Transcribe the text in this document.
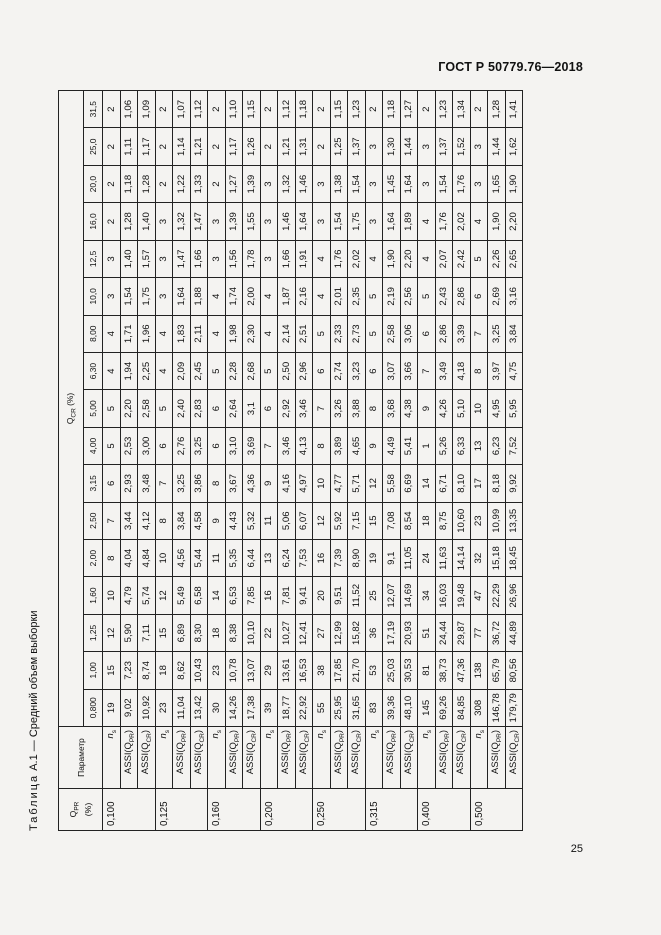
ГОСТ Р 50779.76—2018
Таблица А.1 — Средний объем выборки
$Q_{PR}$ (%)	Параметр	$Q_{CR}$ (%)																
		0,800	1,00	1,25	1,60	2,00	2,50	3,15	4,00	5,00	6,30	8,00	10,0	12,5	16,0	20,0	25,0	31,5
0,100	$n_s$	19	15	12	10	8	7	6	5	5	4	4	3	3	2	2	2	2
	$ASSI(Q_{PR})$	9,02	7,23	5,90	4,79	4,04	3,44	2,93	2,53	2,20	1,94	1,71	1,54	1,40	1,28	1,18	1,11	1,06
	$ASSI(Q_{CR})$	10,92	8,74	7,11	5,74	4,84	4,12	3,48	3,00	2,58	2,25	1,96	1,75	1,57	1,40	1,28	1,17	1,09
0,125	$n_s$	23	18	15	12	10	8	7	6	5	4	4	3	3	3	2	2	2
	$ASSI(Q_{PR})$	11,04	8,62	6,89	5,49	4,56	3,84	3,25	2,76	2,40	2,09	1,83	1,64	1,47	1,32	1,22	1,14	1,07
	$ASSI(Q_{CR})$	13,42	10,43	8,30	6,58	5,44	4,58	3,86	3,25	2,83	2,45	2,11	1,88	1,66	1,47	1,33	1,21	1,12
0,160	$n_s$	30	23	18	14	11	9	8	6	6	5	4	4	3	3	2	2	2
	$ASSI(Q_{PR})$	14,26	10,78	8,38	6,53	5,35	4,43	3,67	3,10	2,64	2,28	1,98	1,74	1,56	1,39	1,27	1,17	1,10
	$ASSI(Q_{CR})$	17,38	13,07	10,10	7,85	6,44	5,32	4,36	3,69	3,1	2,68	2,30	2,00	1,78	1,55	1,39	1,26	1,15
0,200	$n_s$	39	29	22	16	13	11	9	7	6	5	4	4	3	3	3	2	2
	$ASSI(Q_{PR})$	18,77	13,61	10,27	7,81	6,24	5,06	4,16	3,46	2,92	2,50	2,14	1,87	1,66	1,46	1,32	1,21	1,12
	$ASSI(Q_{CR})$	22,92	16,53	12,41	9,41	7,53	6,07	4,97	4,13	3,46	2,96	2,51	2,16	1,91	1,64	1,46	1,31	1,18
0,250	$n_s$	55	38	27	20	16	12	10	8	7	6	5	4	4	3	3	2	2
	$ASSI(Q_{PR})$	25,95	17,85	12,99	9,51	7,39	5,92	4,77	3,89	3,26	2,74	2,33	2,01	1,76	1,54	1,38	1,25	1,15
	$ASSI(Q_{CR})$	31,65	21,70	15,82	11,52	8,90	7,15	5,71	4,65	3,88	3,23	2,73	2,35	2,02	1,75	1,54	1,37	1,23
0,315	$n_s$	83	53	36	25	19	15	12	9	8	6	5	5	4	3	3	3	2
	$ASSI(Q_{PR})$	39,36	25,03	17,19	12,07	9,1	7,08	5,58	4,49	3,68	3,07	2,58	2,19	1,90	1,64	1,45	1,30	1,18
	$ASSI(Q_{CR})$	48,10	30,53	20,93	14,69	11,05	8,54	6,69	5,41	4,38	3,66	3,06	2,56	2,20	1,89	1,64	1,44	1,27
0,400	$n_s$	145	81	51	34	24	18	14	1	9	7	6	5	4	4	3	3	2
	$ASSI(Q_{PR})$	69,26	38,73	24,44	16,03	11,63	8,75	6,71	5,26	4,26	3,49	2,86	2,43	2,07	1,76	1,54	1,37	1,23
	$ASSI(Q_{CR})$	84,85	47,36	29,87	19,48	14,14	10,60	8,10	6,33	5,10	4,18	3,39	2,86	2,42	2,02	1,76	1,52	1,34
0,500	$n_s$	308	138	77	47	32	23	17	13	10	8	7	6	5	4	3	3	2
	$ASSI(Q_{PR})$	146,78	65,79	36,72	22,29	15,18	10,99	8,18	6,23	4,95	3,97	3,25	2,69	2,26	1,90	1,65	1,44	1,28
	$ASSI(Q_{CR})$	179,79	80,56	44,89	26,96	18,45	13,35	9,92	7,52	5,95	4,75	3,84	3,16	2,65	2,20	1,90	1,62	1,41
25
